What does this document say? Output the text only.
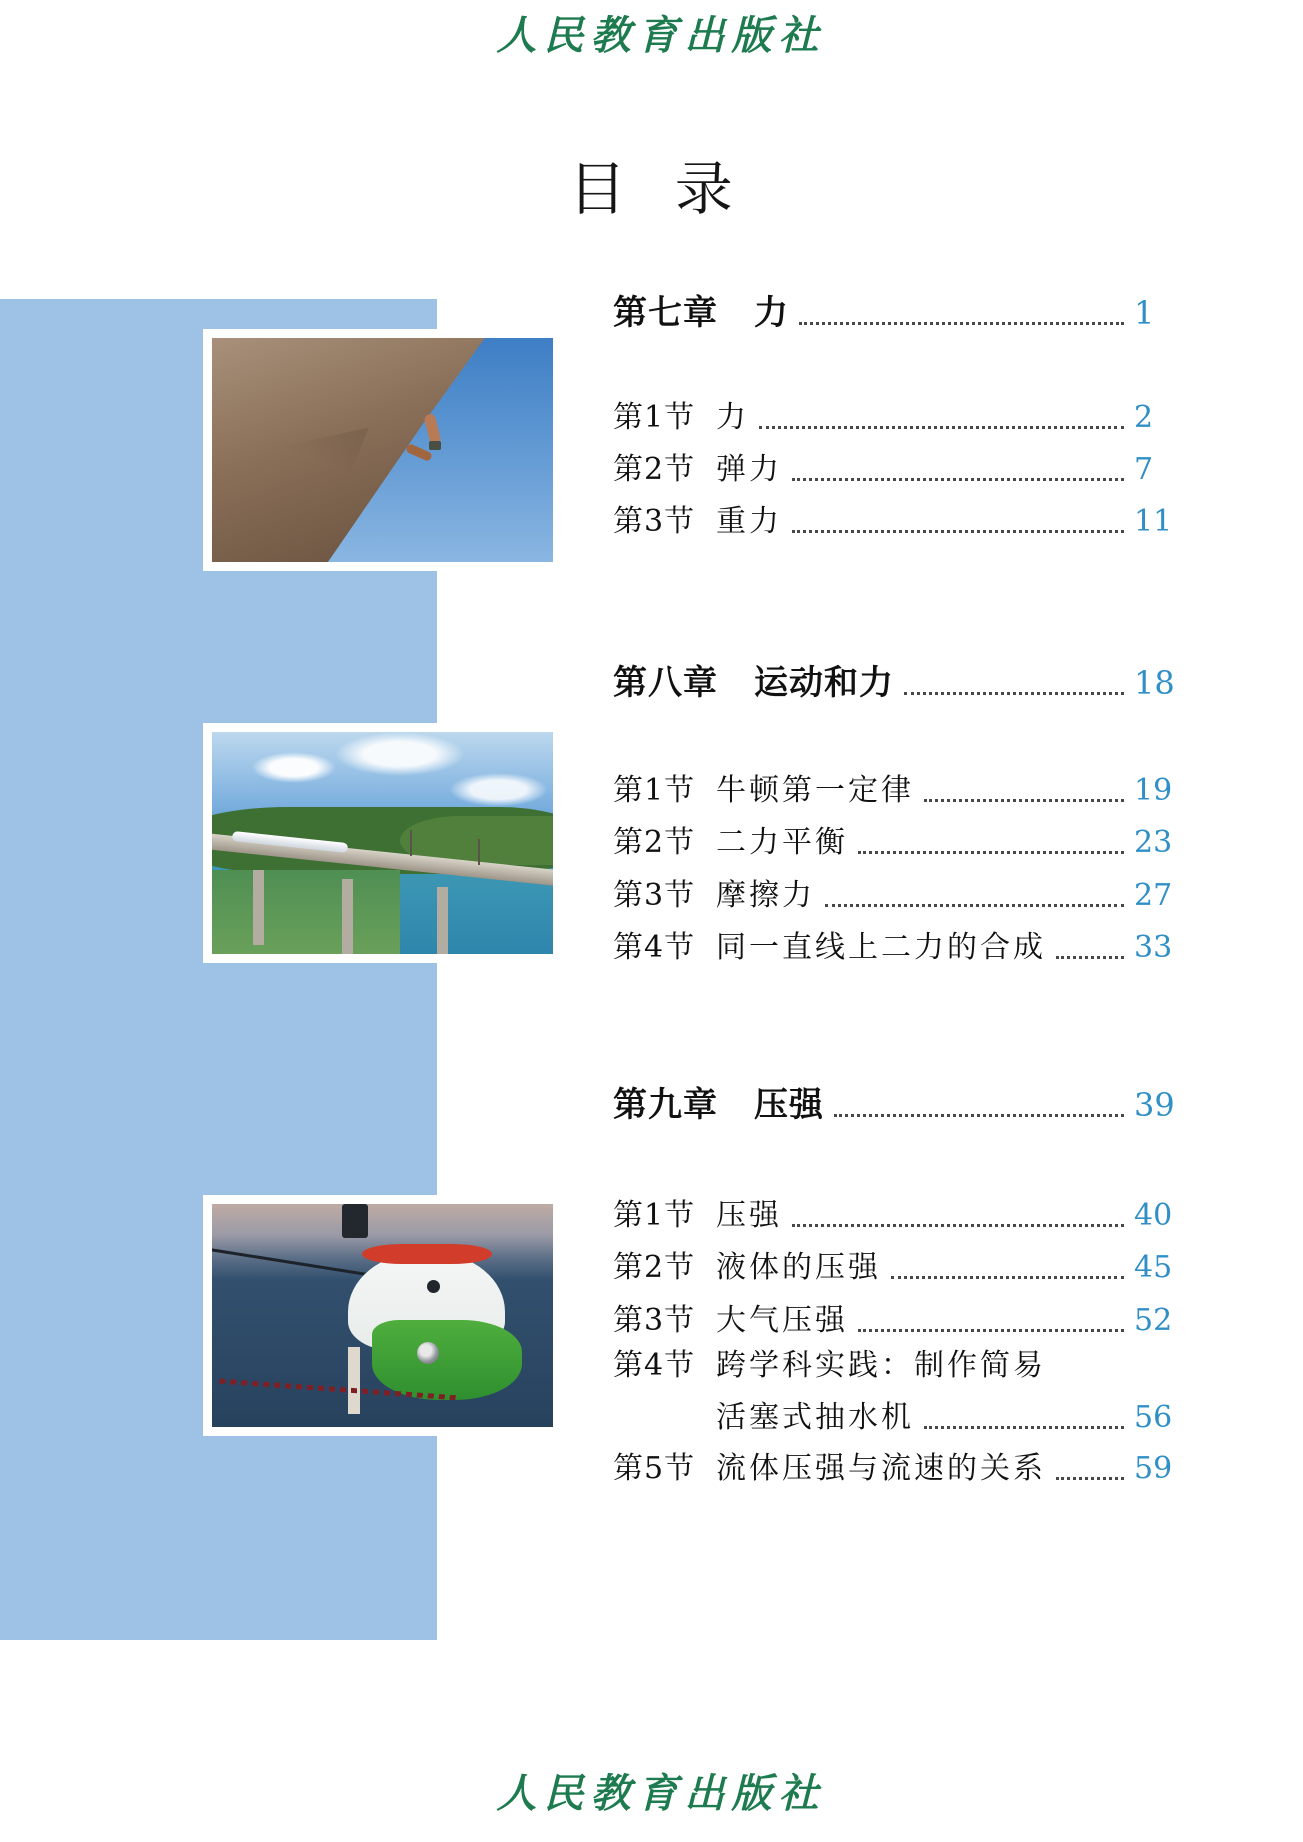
人民教育出版社
目 录
第七章 力	1
第1节 力	2
第2节 弹力	7
第3节 重力	11
第八章 运动和力	18
第1节 牛顿第一定律	19
第2节 二力平衡	23
第3节 摩擦力	27
第4节 同一直线上二力的合成	33
第九章 压强	39
第1节 压强	40
第2节 液体的压强	45
第3节 大气压强	52
第4节 跨学科实践：制作简易
活塞式抽水机	56
第5节 流体压强与流速的关系	59
人民教育出版社
